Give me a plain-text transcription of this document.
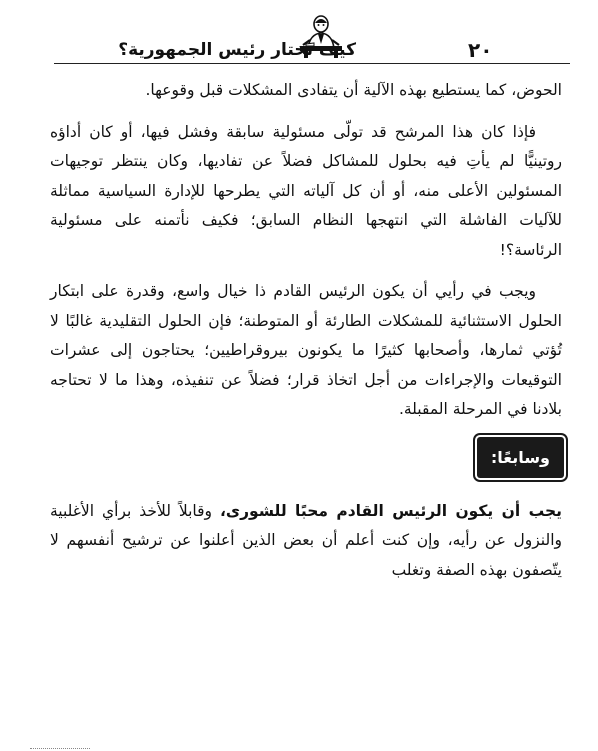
٢٠
كيف تختار رئيس الجمهورية؟

الحوض، كما يستطيع بهذه الآلية أن يتفادى المشكلات قبل وقوعها.

فإذا كان هذا المرشح قد تولّى مسئولية سابقة وفشل فيها، أو كان أداؤه روتينيًّا لم يأتِ فيه بحلول للمشاكل فضلاً عن تفاديها، وكان ينتظر توجيهات المسئولين الأعلى منه، أو أن كل آلياته التي يطرحها للإدارة السياسية مماثلة للآليات الفاشلة التي انتهجها النظام السابق؛ فكيف نأتمنه على مسئولية الرئاسة؟!

ويجب في رأيي أن يكون الرئيس القادم ذا خيال واسع، وقدرة على ابتكار الحلول الاستثنائية للمشكلات الطارئة أو المتوطنة؛ فإن الحلول التقليدية غالبًا لا تُؤتي ثمارها، وأصحابها كثيرًا ما يكونون بيروقراطيين؛ يحتاجون إلى عشرات التوقيعات والإجراءات من أجل اتخاذ قرار؛ فضلاً عن تنفيذه، وهذا ما لا تحتاجه بلادنا في المرحلة المقبلة.

وسابعًا:

يجب أن يكون الرئيس القادم محبًا للشورى، وقابلاً للأخذ برأي الأغلبية والنزول عن رأيه، وإن كنت أعلم أن بعض الذين أعلنوا عن ترشيح أنفسهم لا يتّصفون بهذه الصفة وتغلب
